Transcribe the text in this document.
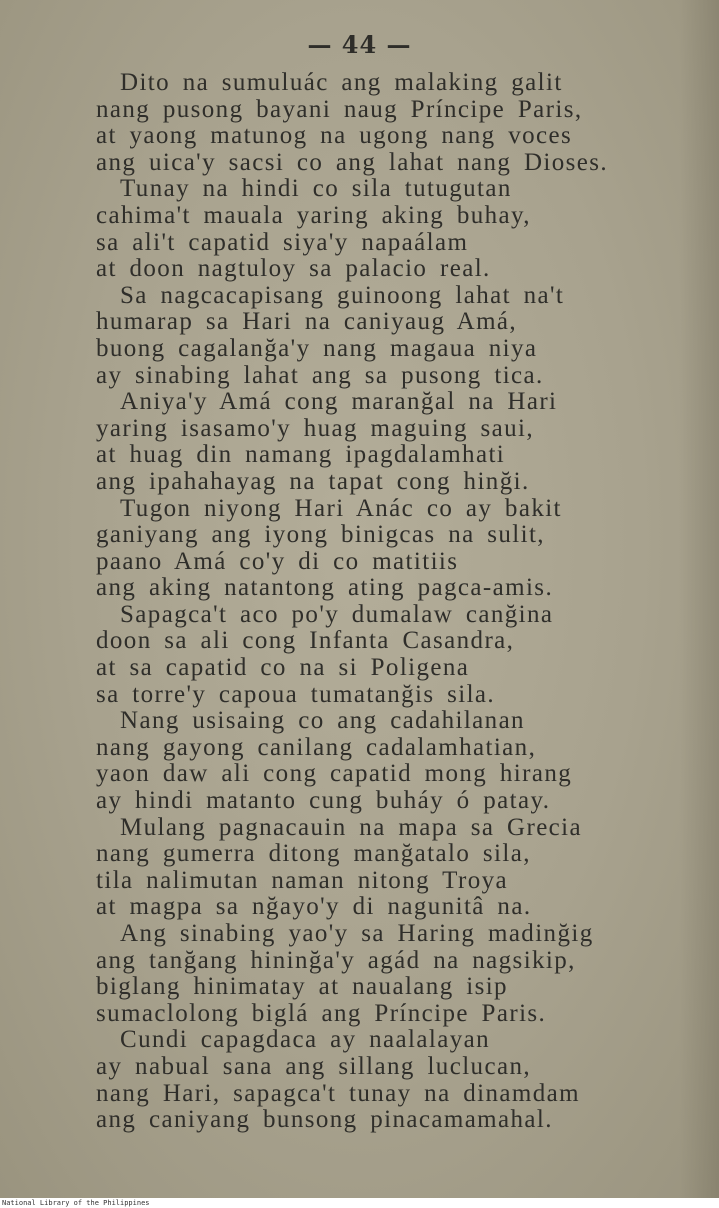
— 44 —
Dito na sumuluác ang malaking galit
nang pusong bayani naug Príncipe Paris,
at yaong matunog na ugong nang voces
ang uica'y sacsi co ang lahat nang Dioses.
Tunay na hindi co sila tutugutan
cahima't mauala yaring aking buhay,
sa ali't capatid siya'y napaálam
at doon nagtuloy sa palacio real.
Sa nagcacapisang guinoong lahat na't
humarap sa Hari na caniyaug Amá,
buong cagalanğa'y nang magaua niya
ay sinabing lahat ang sa pusong tica.
Aniya'y Amá cong maranğal na Hari
yaring isasamo'y huag maguing saui,
at huag din namang ipagdalamhati
ang ipahahayag na tapat cong hinği.
Tugon niyong Hari Anác co ay bakit
ganiyang ang iyong binigcas na sulit,
paano Amá co'y di co matitiis
ang aking natantong ating pagca-amis.
Sapagca't aco po'y dumalaw canğina
doon sa ali cong Infanta Casandra,
at sa capatid co na si Poligena
sa torre'y capoua tumatanğis sila.
Nang usisaing co ang cadahilanan
nang gayong canilang cadalamhatian,
yaon daw ali cong capatid mong hirang
ay hindi matanto cung buháy ó patay.
Mulang pagnacauin na mapa sa Grecia
nang gumerra ditong manğatalo sila,
tila nalimutan naman nitong Troya
at magpa sa nğayo'y di nagunitâ na.
Ang sinabing yao'y sa Haring madinğig
ang tanğang hininğa'y agád na nagsikip,
biglang hinimatay at naualang isip
sumaclolong biglá ang Príncipe Paris.
Cundi capagdaca ay naalalayan
ay nabual sana ang sillang luclucan,
nang Hari, sapagca't tunay na dinamdam
ang caniyang bunsong pinacamamahal.
National Library of the Philippines
